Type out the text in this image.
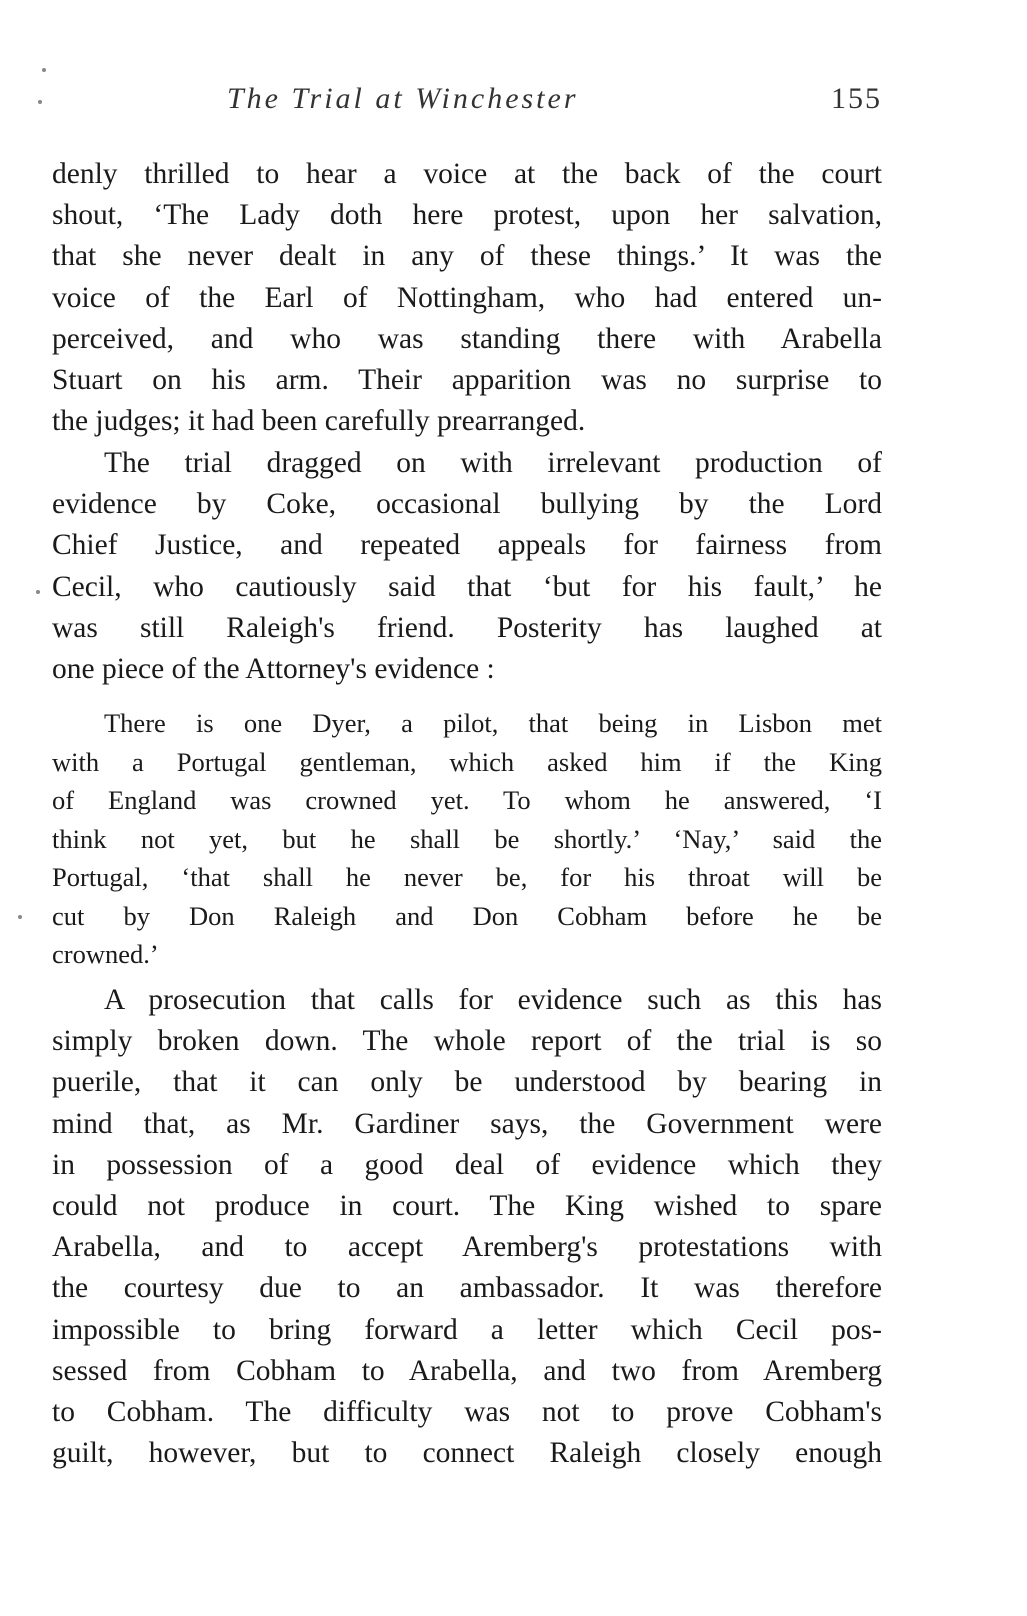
The Trial at Winchester	155
denly thrilled to hear a voice at the back of the court
shout, ‘The Lady doth here protest, upon her salvation,
that she never dealt in any of these things.’ It was the
voice of the Earl of Nottingham, who had entered un-
perceived, and who was standing there with Arabella
Stuart on his arm. Their apparition was no surprise to
the judges; it had been carefully prearranged.
The trial dragged on with irrelevant production of
evidence by Coke, occasional bullying by the Lord
Chief Justice, and repeated appeals for fairness from
Cecil, who cautiously said that ‘but for his fault,’ he
was still Raleigh's friend. Posterity has laughed at
one piece of the Attorney's evidence :
There is one Dyer, a pilot, that being in Lisbon met
with a Portugal gentleman, which asked him if the King
of England was crowned yet. To whom he answered, ‘I
think not yet, but he shall be shortly.’ ‘Nay,’ said the
Portugal, ‘that shall he never be, for his throat will be
cut by Don Raleigh and Don Cobham before he be
crowned.’
A prosecution that calls for evidence such as this has
simply broken down. The whole report of the trial is so
puerile, that it can only be understood by bearing in
mind that, as Mr. Gardiner says, the Government were
in possession of a good deal of evidence which they
could not produce in court. The King wished to spare
Arabella, and to accept Aremberg's protestations with
the courtesy due to an ambassador. It was therefore
impossible to bring forward a letter which Cecil pos-
sessed from Cobham to Arabella, and two from Aremberg
to Cobham. The difficulty was not to prove Cobham's
guilt, however, but to connect Raleigh closely enough
